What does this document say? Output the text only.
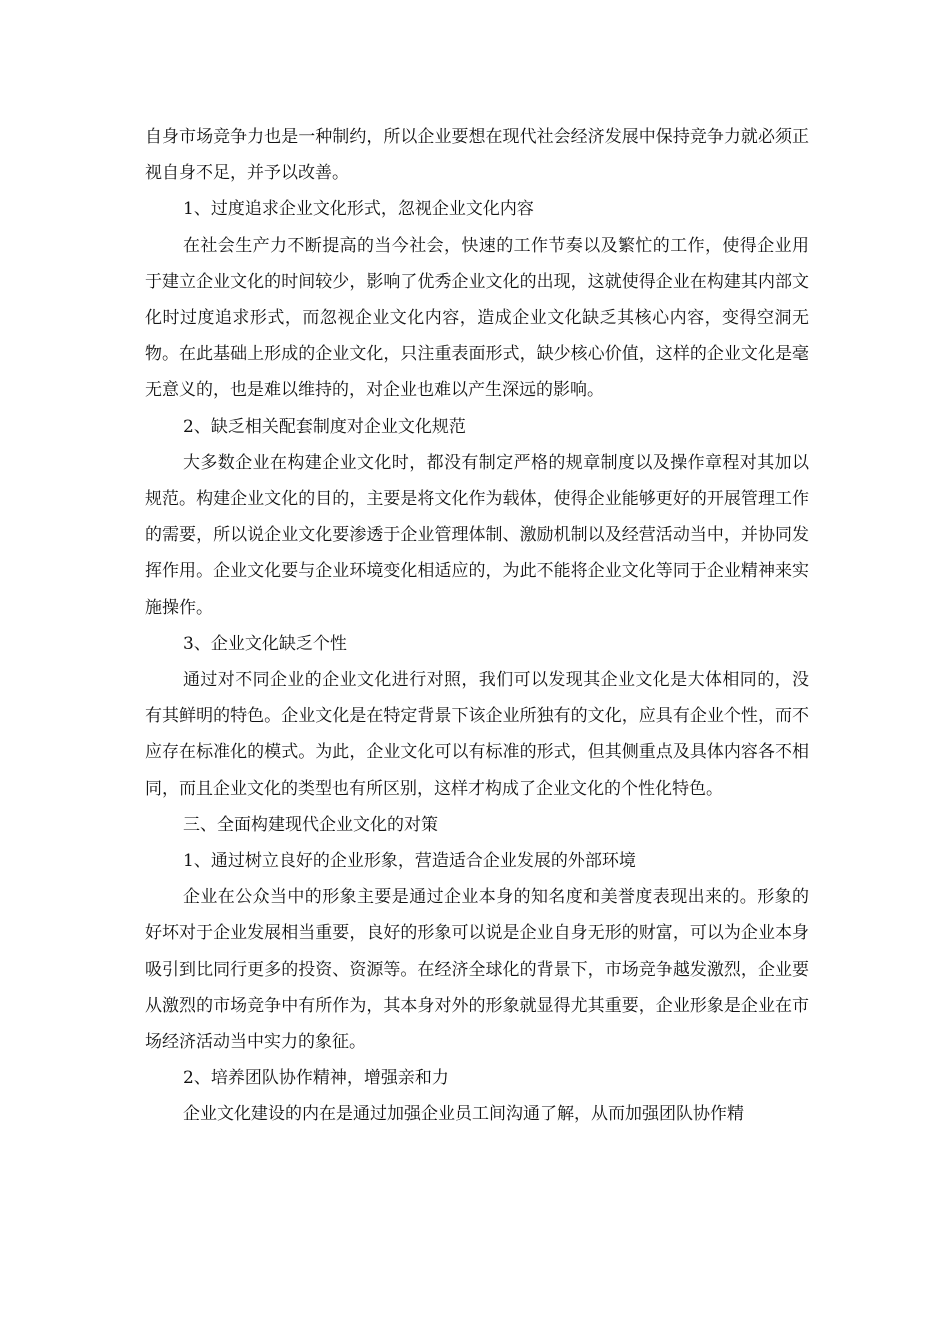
自身市场竞争力也是一种制约，所以企业要想在现代社会经济发展中保持竞争力就必须正视自身不足，并予以改善。

1、过度追求企业文化形式，忽视企业文化内容

在社会生产力不断提高的当今社会，快速的工作节奏以及繁忙的工作，使得企业用于建立企业文化的时间较少，影响了优秀企业文化的出现，这就使得企业在构建其内部文化时过度追求形式，而忽视企业文化内容，造成企业文化缺乏其核心内容，变得空洞无物。在此基础上形成的企业文化，只注重表面形式，缺少核心价值，这样的企业文化是毫无意义的，也是难以维持的，对企业也难以产生深远的影响。

2、缺乏相关配套制度对企业文化规范

大多数企业在构建企业文化时，都没有制定严格的规章制度以及操作章程对其加以规范。构建企业文化的目的，主要是将文化作为载体，使得企业能够更好的开展管理工作的需要，所以说企业文化要渗透于企业管理体制、激励机制以及经营活动当中，并协同发挥作用。企业文化要与企业环境变化相适应的，为此不能将企业文化等同于企业精神来实施操作。

3、企业文化缺乏个性

通过对不同企业的企业文化进行对照，我们可以发现其企业文化是大体相同的，没有其鲜明的特色。企业文化是在特定背景下该企业所独有的文化，应具有企业个性，而不应存在标准化的模式。为此，企业文化可以有标准的形式，但其侧重点及具体内容各不相同，而且企业文化的类型也有所区别，这样才构成了企业文化的个性化特色。

三、全面构建现代企业文化的对策

1、通过树立良好的企业形象，营造适合企业发展的外部环境

企业在公众当中的形象主要是通过企业本身的知名度和美誉度表现出来的。形象的好坏对于企业发展相当重要，良好的形象可以说是企业自身无形的财富，可以为企业本身吸引到比同行更多的投资、资源等。在经济全球化的背景下，市场竞争越发激烈，企业要从激烈的市场竞争中有所作为，其本身对外的形象就显得尤其重要，企业形象是企业在市场经济活动当中实力的象征。

2、培养团队协作精神，增强亲和力

企业文化建设的内在是通过加强企业员工间沟通了解，从而加强团队协作精
